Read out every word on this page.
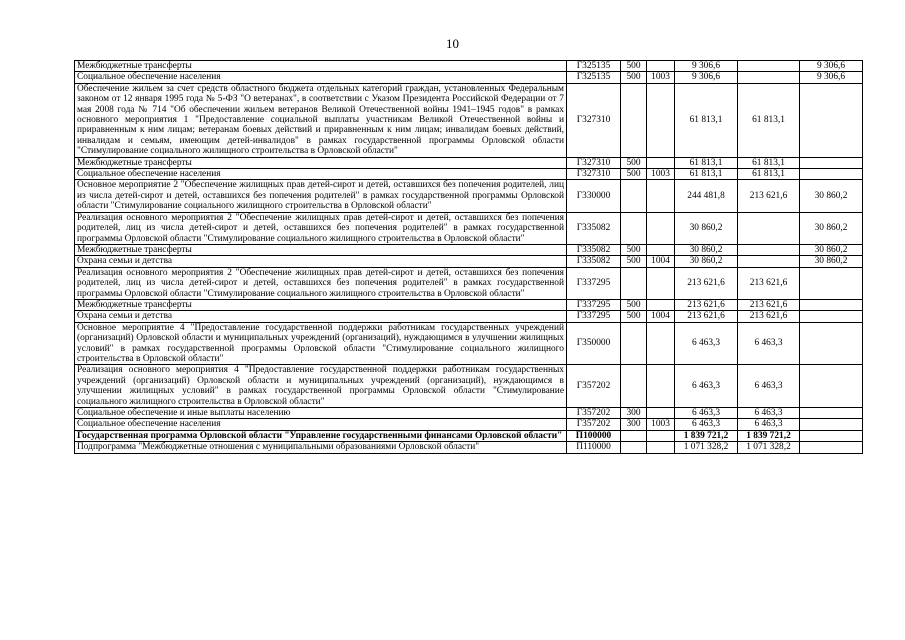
10
Межбюджетные трансферты	Г325135	500		9 306,6		9 306,6
Социальное обеспечение населения	Г325135	500	1003	9 306,6		9 306,6
Обеспечение жильем за счет средств областного бюджета отдельных категорий граждан, установленных Федеральным законом от 12 января 1995 года № 5-ФЗ "О ветеранах", в соответствии с Указом Президента Российской Федерации от 7 мая 2008 года № 714 "Об обеспечении жильем ветеранов Великой Отечественной войны 1941–1945 годов" в рамках основного мероприятия 1 "Предоставление социальной выплаты участникам Великой Отечественной войны и приравненным к ним лицам; ветеранам боевых действий и приравненным к ним лицам; инвалидам боевых действий, инвалидам и семьям, имеющим детей-инвалидов" в рамках государственной программы Орловской области "Стимулирование социального жилищного строительства в Орловской области"	Г327310			61 813,1	61 813,1	
Межбюджетные трансферты	Г327310	500		61 813,1	61 813,1	
Социальное обеспечение населения	Г327310	500	1003	61 813,1	61 813,1	
Основное мероприятие 2 "Обеспечение жилищных прав детей-сирот и детей, оставшихся без попечения родителей, лиц из числа детей-сирот и детей, оставшихся без попечения родителей" в рамках государственной программы Орловской области "Стимулирование социального жилищного строительства в Орловской области"	Г330000			244 481,8	213 621,6	30 860,2
Реализация основного мероприятия 2 "Обеспечение жилищных прав детей-сирот и детей, оставшихся без попечения родителей, лиц из числа детей-сирот и детей, оставшихся без попечения родителей" в рамках государственной программы Орловской области "Стимулирование социального жилищного строительства в Орловской области"	Г335082			30 860,2		30 860,2
Межбюджетные трансферты	Г335082	500		30 860,2		30 860,2
Охрана семьи и детства	Г335082	500	1004	30 860,2		30 860,2
Реализация основного мероприятия 2 "Обеспечение жилищных прав детей-сирот и детей, оставшихся без попечения родителей, лиц из числа детей-сирот и детей, оставшихся без попечения родителей" в рамках государственной программы Орловской области "Стимулирование социального жилищного строительства в Орловской области"	Г337295			213 621,6	213 621,6	
Межбюджетные трансферты	Г337295	500		213 621,6	213 621,6	
Охрана семьи и детства	Г337295	500	1004	213 621,6	213 621,6	
Основное мероприятие 4 "Предоставление государственной поддержки работникам государственных учреждений (организаций) Орловской области и муниципальных учреждений (организаций), нуждающимся в улучшении жилищных условий" в рамках государственной программы Орловской области "Стимулирование социального жилищного строительства в Орловской области"	Г350000			6 463,3	6 463,3	
Реализация основного мероприятия 4 "Предоставление государственной поддержки работникам государственных учреждений (организаций) Орловской области и муниципальных учреждений (организаций), нуждающимся в улучшении жилищных условий" в рамках государственной программы Орловской области "Стимулирование социального жилищного строительства в Орловской области"	Г357202			6 463,3	6 463,3	
Социальное обеспечение и иные выплаты населению	Г357202	300		6 463,3	6 463,3	
Социальное обеспечение населения	Г357202	300	1003	6 463,3	6 463,3	
Государственная программа Орловской области "Управление государственными финансами Орловской области"	П100000			1 839 721,2	1 839 721,2	
Подпрограмма "Межбюджетные отношения с муниципальными образованиями Орловской области"	П110000			1 071 328,2	1 071 328,2	
